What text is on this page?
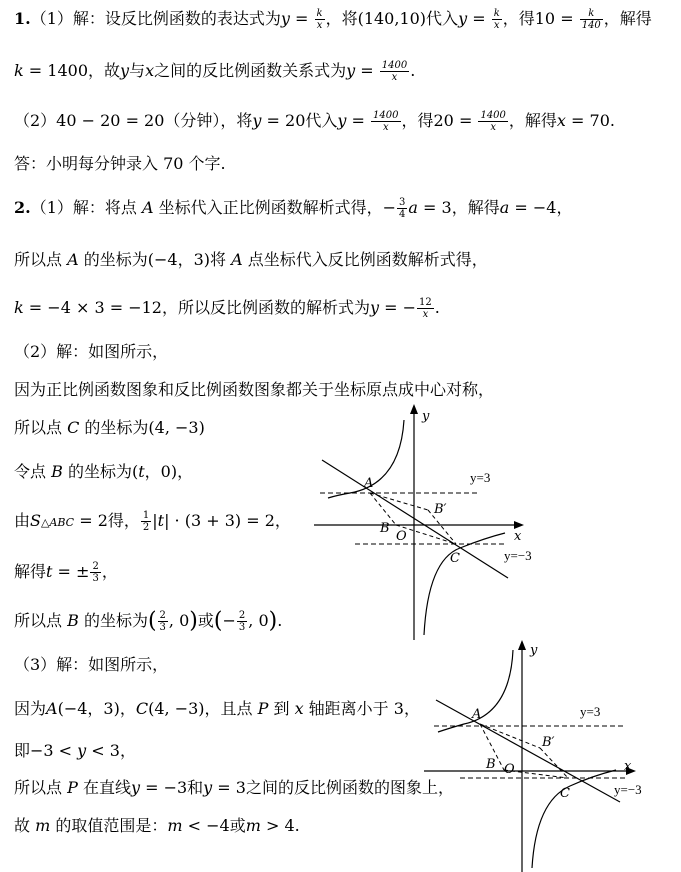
1.（1）解：设反比例函数的表达式为$y = \frac{k}{x}$ ，将(140,10)代入$y = \frac{k}{x}$ ，得$10 = \frac{k}{140}$ ，解得
k = 1400，故y与x之间的反比例函数关系式为$y = \frac{1400}{x}$ .
（2）40 − 20 = 20（分钟），将y = 20代入$y = \frac{1400}{x}$ ，得$20 = \frac{1400}{x}$ ，解得x = 70.
答：小明每分钟录入 70 个字.
2.（1）解：将点 A 坐标代入正比例函数解析式得，− $\frac{3}{4}$ a = 3，解得a = −4，
所以点 A 的坐标为(−4，3)将 A 点坐标代入反比例函数解析式得，
k = −4 × 3 = −12，所以反比例函数的解析式为y = − $\frac{12}{x}$ .
（2）解：如图所示，
因为正比例函数图象和反比例函数图象都关于坐标原点成中心对称，
所以点 C 的坐标为(4, −3)
令点 B 的坐标为(t，0)，
由S△ABC = 2得， $\frac{1}{2} |t| \cdot (3 + 3) = 2$，
解得t = ± $\frac{2}{3}$ ，
所以点 B 的坐标为( $\frac{2}{3}$ , 0)或(− $\frac{2}{3}$ , 0).
（3）解：如图所示，
因为A(−4，3)，C(4, −3)，且点 P 到 x 轴距离小于 3，
即−3 < y < 3，
所以点 P 在直线y = −3和y = 3之间的反比例函数的图象上，
故 m 的取值范围是：m < −4或m > 4.
y
x
A
B
B′
O
C
y=3
y=−3
y
x
A
B
B′
O
C
y=3
y=−3
